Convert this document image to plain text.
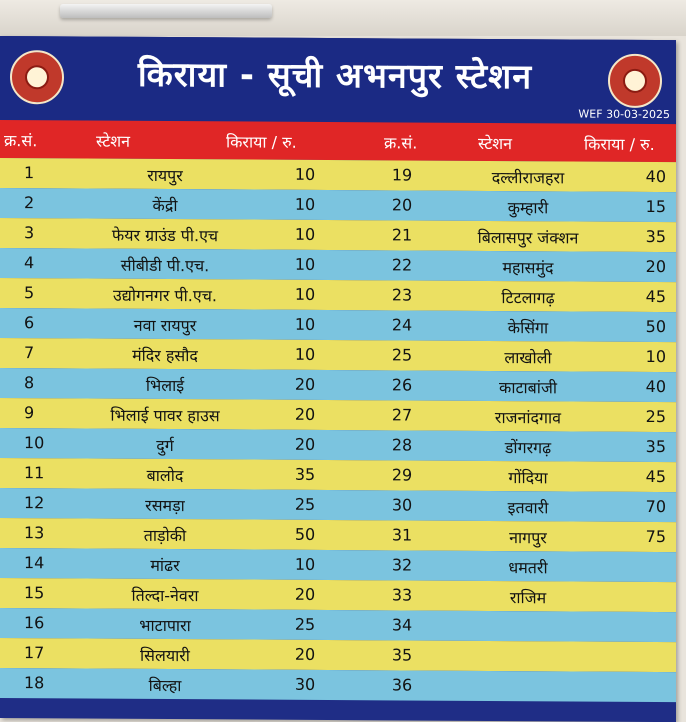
किराया - सूची अभनपुर स्टेशन
WEF 30-03-2025
क्र.सं.	स्टेशन	किराया / रु.	क्र.सं.	स्टेशन	किराया / रु.
1	रायपुर	10	19	दल्लीराजहरा	40
2	केंद्री	10	20	कुम्हारी	15
3	फेयर ग्राउंड पी.एच	10	21	बिलासपुर जंक्शन	35
4	सीबीडी पी.एच.	10	22	महासमुंद	20
5	उद्योगनगर पी.एच.	10	23	टिटलागढ़	45
6	नवा रायपुर	10	24	केसिंगा	50
7	मंदिर हसौद	10	25	लाखोली	10
8	भिलाई	20	26	काटाबांजी	40
9	भिलाई पावर हाउस	20	27	राजनांदगाव	25
10	दुर्ग	20	28	डोंगरगढ़	35
11	बालोद	35	29	गोंदिया	45
12	रसमड़ा	25	30	इतवारी	70
13	ताड़ोकी	50	31	नागपुर	75
14	मांढर	10	32	धमतरी
15	तिल्दा-नेवरा	20	33	राजिम
16	भाटापारा	25	34
17	सिलयारी	20	35
18	बिल्हा	30	36
